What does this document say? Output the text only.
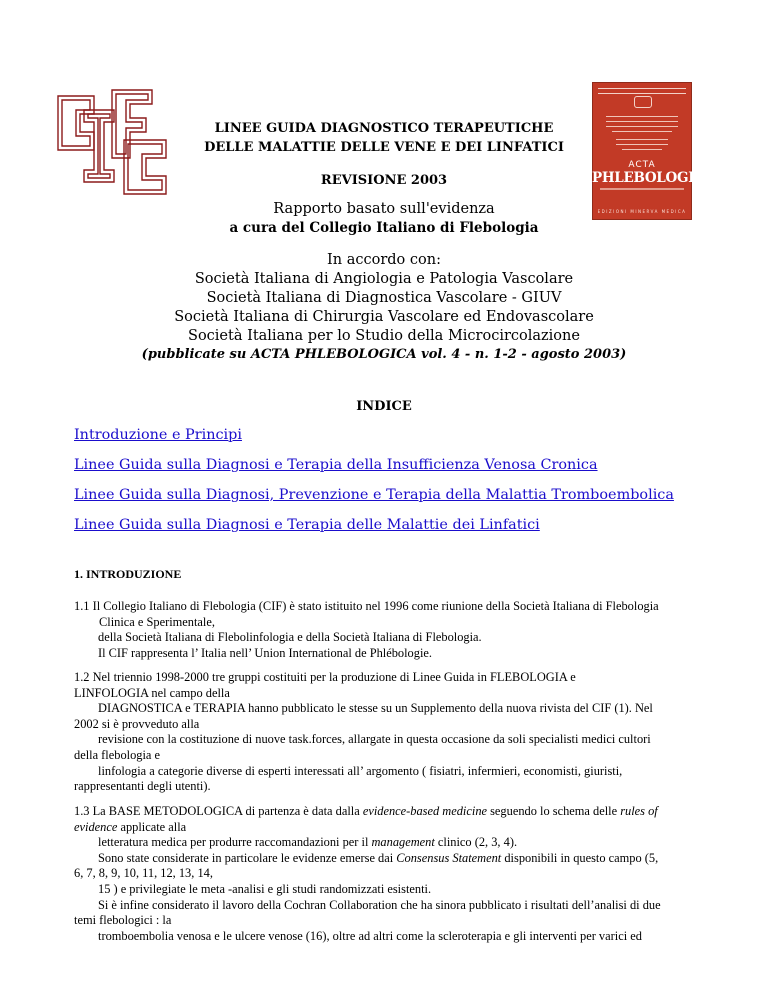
ACTA
PHLEBOLOGICA
EDIZIONI MINERVA MEDICA
LINEE GUIDA DIAGNOSTICO TERAPEUTICHE
DELLE MALATTIE DELLE VENE E DEI LINFATICI
REVISIONE 2003
Rapporto basato sull'evidenza
a cura del Collegio Italiano di Flebologia
In accordo con:
Società Italiana di Angiologia e Patologia Vascolare
Società Italiana di Diagnostica Vascolare - GIUV
Società Italiana di Chirurgia Vascolare ed Endovascolare
Società Italiana per lo Studio della Microcircolazione
(pubblicate su ACTA PHLEBOLOGICA vol. 4 - n. 1-2 - agosto 2003)
INDICE
Introduzione e Principi
Linee Guida sulla Diagnosi e Terapia della Insufficienza Venosa Cronica
Linee Guida sulla Diagnosi, Prevenzione e Terapia della Malattia Tromboembolica
Linee Guida sulla Diagnosi e Terapia delle Malattie dei Linfatici
1. INTRODUZIONE

1.1 Il Collegio Italiano di Flebologia (CIF) è stato istituito nel 1996 come riunione della Società Italiana di Flebologia

Clinica e Sperimentale,

della Società Italiana di Flebolinfologia e della Società Italiana di Flebologia.

Il CIF rappresenta l’ Italia nell’ Union International de Phlébologie.

1.2 Nel triennio 1998-2000 tre gruppi costituiti per la produzione di Linee Guida in FLEBOLOGIA e

LINFOLOGIA nel campo della

DIAGNOSTICA e TERAPIA hanno pubblicato le stesse su un Supplemento della nuova rivista del CIF (1). Nel

2002 si è provveduto alla

revisione con la costituzione di nuove task.forces, allargate in questa occasione da soli specialisti medici cultori

della flebologia e

linfologia a categorie diverse di esperti interessati all’ argomento ( fisiatri, infermieri, economisti, giuristi,

rappresentanti degli utenti).

1.3 La BASE METODOLOGICA di partenza è data dalla evidence-based medicine seguendo lo schema delle rules of

evidence applicate alla

letteratura medica per produrre raccomandazioni per il management clinico (2, 3, 4).

Sono state considerate in particolare le evidenze emerse dai Consensus Statement disponibili in questo campo (5,

6, 7, 8, 9, 10, 11, 12, 13, 14,

15 ) e privilegiate le meta -analisi e gli studi randomizzati esistenti.

Si è infine considerato il lavoro della Cochran Collaboration che ha sinora pubblicato i risultati dell’analisi di due

temi flebologici : la

tromboembolia venosa e le ulcere venose (16), oltre ad altri come la scleroterapia e gli interventi per varici ed
